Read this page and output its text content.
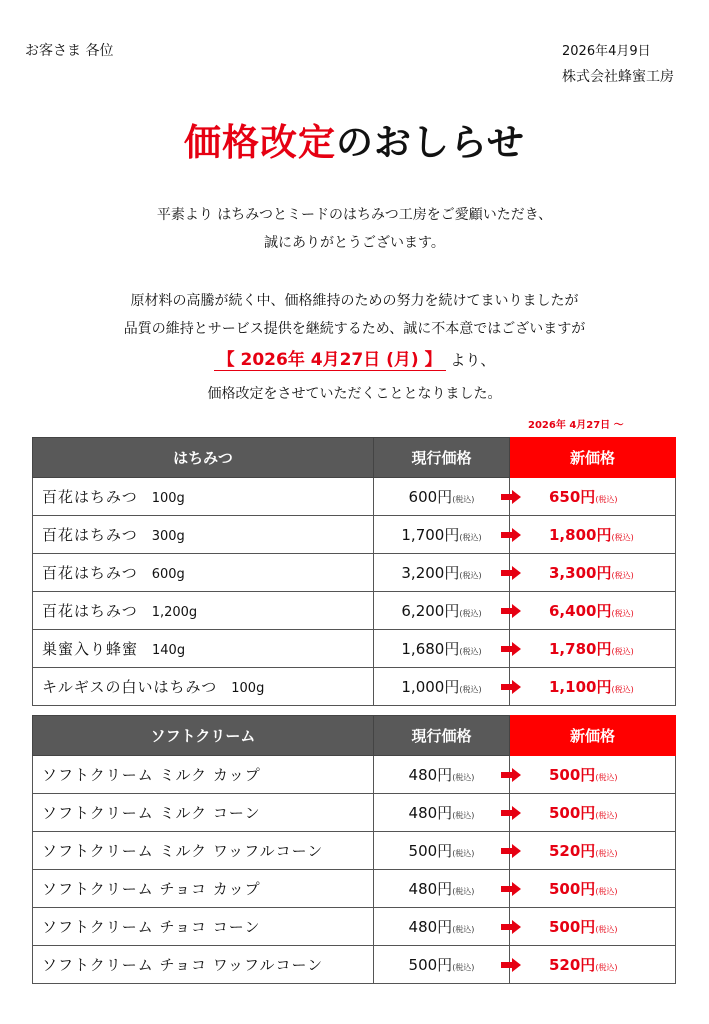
お客さま 各位	2026年4月9日
株式会社蜂蜜工房
価格改定のおしらせ
平素より はちみつとミードのはちみつ工房をご愛顧いただき、
誠にありがとうございます。
原材料の高騰が続く中、価格維持のための努力を続けてまいりましたが
品質の維持とサービス提供を継続するため、誠に不本意ではございますが
【 2026年 4月27日 (月) 】 より、
価格改定をさせていただくこととなりました。
2026年 4月27日 ～
はちみつ	現行価格	新価格
百花はちみつ 100g	600円(税込)	650円(税込)

百花はちみつ 300g	1,700円(税込)	1,800円(税込)

百花はちみつ 600g	3,200円(税込)	3,300円(税込)

百花はちみつ 1,200g	6,200円(税込)	6,400円(税込)

巣蜜入り蜂蜜 140g	1,680円(税込)	1,780円(税込)

キルギスの白いはちみつ 100g	1,000円(税込)	1,100円(税込)
ソフトクリーム	現行価格	新価格
ソフトクリーム ミルク カップ	480円(税込)	500円(税込)

ソフトクリーム ミルク コーン	480円(税込)	500円(税込)

ソフトクリーム ミルク ワッフルコーン	500円(税込)	520円(税込)

ソフトクリーム チョコ カップ	480円(税込)	500円(税込)

ソフトクリーム チョコ コーン	480円(税込)	500円(税込)

ソフトクリーム チョコ ワッフルコーン	500円(税込)	520円(税込)
